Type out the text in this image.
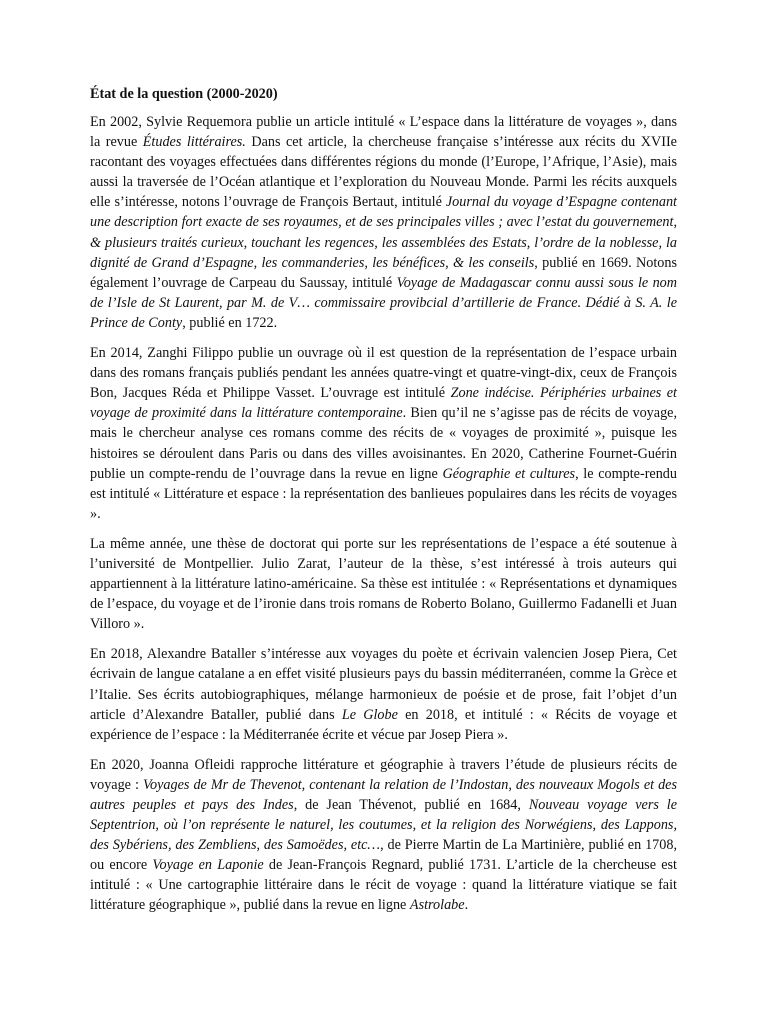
État de la question (2000-2020)

En 2002, Sylvie Requemora publie un article intitulé « L’espace dans la littérature de voyages », dans la revue Études littéraires. Dans cet article, la chercheuse française s’intéresse aux récits du XVIIe racontant des voyages effectuées dans différentes régions du monde (l’Europe, l’Afrique, l’Asie), mais aussi la traversée de l’Océan atlantique et l’exploration du Nouveau Monde. Parmi les récits auxquels elle s’intéresse, notons l’ouvrage de François Bertaut, intitulé Journal du voyage d’Espagne contenant une description fort exacte de ses royaumes, et de ses principales villes ; avec l’estat du gouvernement, & plusieurs traités curieux, touchant les regences, les assemblées des Estats, l’ordre de la noblesse, la dignité de Grand d’Espagne, les commanderies, les bénéfices, & les conseils, publié en 1669. Notons également l’ouvrage de Carpeau du Saussay, intitulé Voyage de Madagascar connu aussi sous le nom de l’Isle de St Laurent, par M. de V… commissaire provibcial d’artillerie de France. Dédié à S. A. le Prince de Conty, publié en 1722.

En 2014, Zanghi Filippo publie un ouvrage où il est question de la représentation de l’espace urbain dans des romans français publiés pendant les années quatre-vingt et quatre-vingt-dix, ceux de François Bon, Jacques Réda et Philippe Vasset. L’ouvrage est intitulé Zone indécise. Périphéries urbaines et voyage de proximité dans la littérature contemporaine. Bien qu’il ne s’agisse pas de récits de voyage, mais le chercheur analyse ces romans comme des récits de « voyages de proximité », puisque les histoires se déroulent dans Paris ou dans des villes avoisinantes. En 2020, Catherine Fournet-Guérin publie un compte-rendu de l’ouvrage dans la revue en ligne Géographie et cultures, le compte-rendu est intitulé « Littérature et espace : la représentation des banlieues populaires dans les récits de voyages ».

La même année, une thèse de doctorat qui porte sur les représentations de l’espace a été soutenue à l’université de Montpellier. Julio Zarat, l’auteur de la thèse, s’est intéressé à trois auteurs qui appartiennent à la littérature latino-américaine. Sa thèse est intitulée : « Représentations et dynamiques de l’espace, du voyage et de l’ironie dans trois romans de Roberto Bolano, Guillermo Fadanelli et Juan Villoro ».

En 2018, Alexandre Bataller s’intéresse aux voyages du poète et écrivain valencien Josep Piera, Cet écrivain de langue catalane a en effet visité plusieurs pays du bassin méditerranéen, comme la Grèce et l’Italie. Ses écrits autobiographiques, mélange harmonieux de poésie et de prose, fait l’objet d’un article d’Alexandre Bataller, publié dans Le Globe en 2018, et intitulé : « Récits de voyage et expérience de l’espace : la Méditerranée écrite et vécue par Josep Piera ».

En 2020, Joanna Ofleidi rapproche littérature et géographie à travers l’étude de plusieurs récits de voyage : Voyages de Mr de Thevenot, contenant la relation de l’Indostan, des nouveaux Mogols et des autres peuples et pays des Indes, de Jean Thévenot, publié en 1684, Nouveau voyage vers le Septentrion, où l’on représente le naturel, les coutumes, et la religion des Norwégiens, des Lappons, des Sybériens, des Zembliens, des Samoëdes, etc…, de Pierre Martin de La Martinière, publié en 1708, ou encore Voyage en Laponie de Jean-François Regnard, publié 1731. L’article de la chercheuse est intitulé : « Une cartographie littéraire dans le récit de voyage : quand la littérature viatique se fait littérature géographique », publié dans la revue en ligne Astrolabe.
